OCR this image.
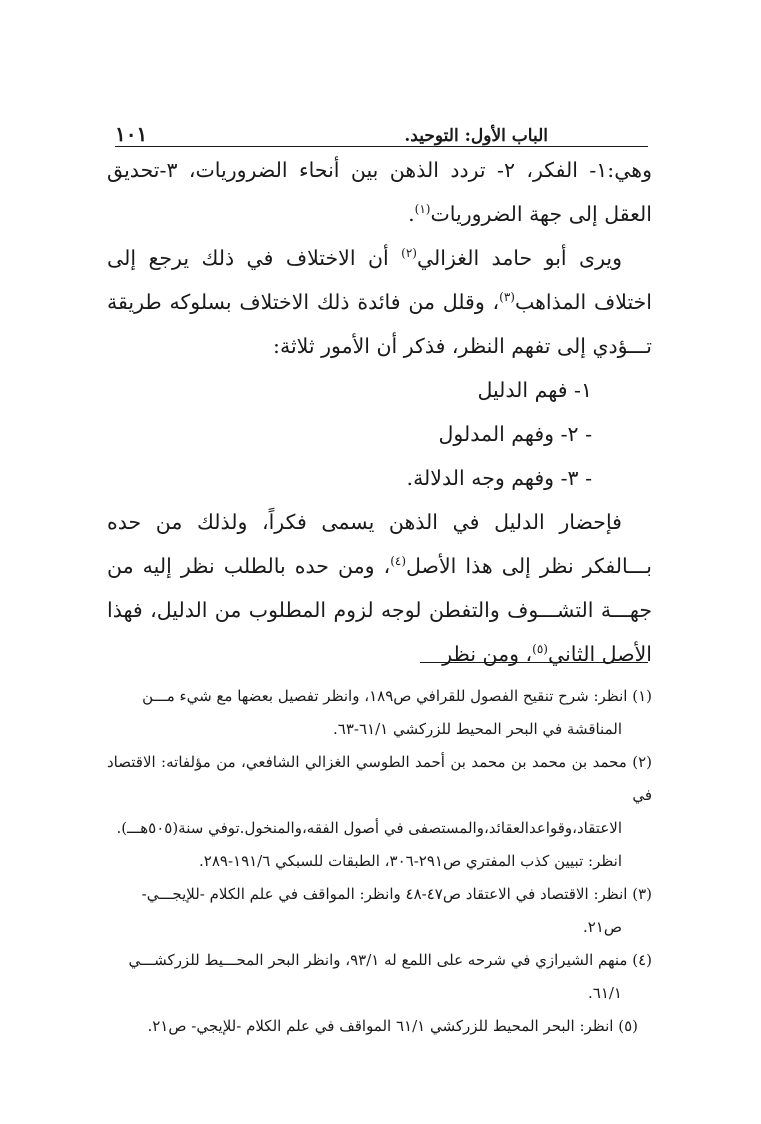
الباب الأول: التوحيد.
١٠١

وهي:١- الفكر، ٢- تردد الذهن بين أنحاء الضروريات، ٣-تحديق العقل إلى جهة الضروريات$^{(١)}$.

ويرى أبو حامد الغزالي$^{(٢)}$ أن الاختلاف في ذلك يرجع إلى اختلاف المذاهب$^{(٣)}$، وقلل من فائدة ذلك الاختلاف بسلوكه طريقة تـــؤدي إلى تفهم النظر، فذكر أن الأمور ثلاثة:

١- فهم الدليل

- ٢- وفهم المدلول

- ٣- وفهم وجه الدلالة.

فإحضار الدليل في الذهن يسمى فكراً، ولذلك من حده بـــالفكر نظر إلى هذا الأصل$^{(٤)}$، ومن حده بالطلب نظر إليه من جهـــة التشـــوف والتفطن لوجه لزوم المطلوب من الدليل، فهذا الأصل الثاني$^{(٥)}$، ومن نظر

(١) انظر: شرح تنقيح الفصول للقرافي ص١٨٩، وانظر تفصيل بعضها مع شيء مـــن

المناقشة في البحر المحيط للزركشي ٦١/١-٦٣.

(٢) محمد بن محمد بن محمد بن أحمد الطوسي الغزالي الشافعي، من مؤلفاته: الاقتصاد في

الاعتقاد،وقواعدالعقائد،والمستصفى في أصول الفقه،والمنخول.توفي سنة(٥٠٥هـــ).

انظر: تبيين كذب المفتري ص٢٩١-٣٠٦، الطبقات للسبكي ١٩١/٦-٢٨٩.

(٣) انظر: الاقتصاد في الاعتقاد ص٤٧-٤٨ وانظر: المواقف في علم الكلام -للإيجـــي-

ص٢١.

(٤) منهم الشيرازي في شرحه على اللمع له ٩٣/١، وانظر البحر المحـــيط للزركشـــي

٦١/١.

(٥) انظر: البحر المحيط للزركشي ٦١/١ المواقف في علم الكلام -للإيجي- ص٢١.
